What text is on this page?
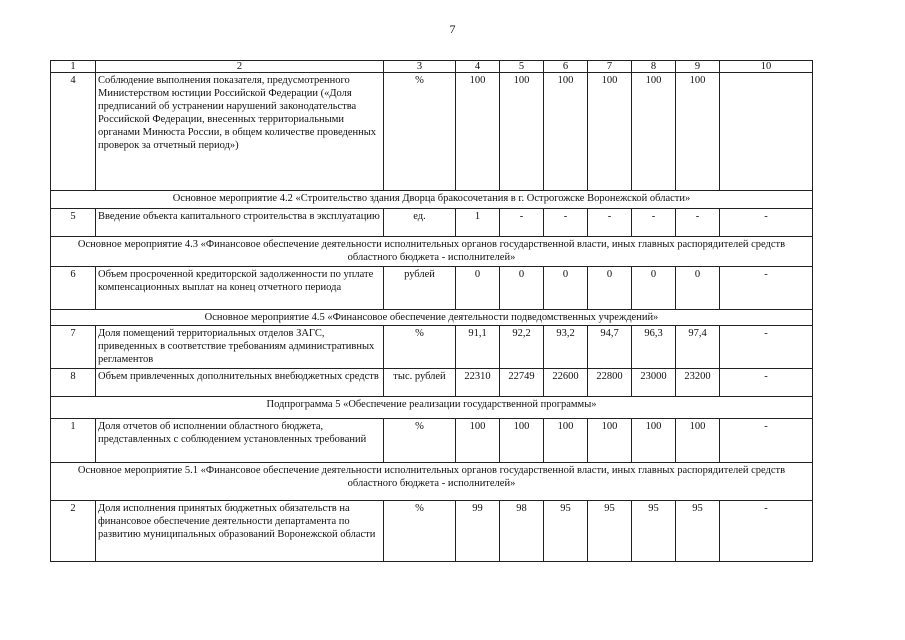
7
1	2	3	4	5	6	7	8	9	10
4	Соблюдение выполнения показателя, предусмотренного Министерством юстиции Российской Федерации («Доля предписаний об устранении нарушений законодательства Российской Федерации, внесенных территориальными органами Минюста России, в общем количестве проведенных проверок за отчетный период»)	%	100	100	100	100	100	100	
Основное мероприятие 4.2 «Строительство здания Дворца бракосочетания в г. Острогожске Воронежской области»									
5	Введение объекта капитального строительства в эксплуатацию	ед.	1	-	-	-	-	-	-
Основное мероприятие 4.3 «Финансовое обеспечение деятельности исполнительных органов государственной власти, иных главных распорядителей средств областного бюджета - исполнителей»									
6	Объем просроченной кредиторской задолженности по уплате компенсационных выплат на конец отчетного периода	рублей	0	0	0	0	0	0	-
Основное мероприятие 4.5 «Финансовое обеспечение деятельности подведомственных учреждений»									
7	Доля помещений территориальных отделов ЗАГС, приведенных в соответствие требованиям административных регламентов	%	91,1	92,2	93,2	94,7	96,3	97,4	-
8	Объем привлеченных дополнительных внебюджетных средств	тыс. рублей	22310	22749	22600	22800	23000	23200	-
Подпрограмма 5 «Обеспечение реализации государственной программы»									
1	Доля отчетов об исполнении областного бюджета, представленных с соблюдением установленных требований	%	100	100	100	100	100	100	-
Основное мероприятие 5.1 «Финансовое обеспечение деятельности исполнительных органов государственной власти, иных главных распорядителей средств областного бюджета - исполнителей»									
2	Доля исполнения принятых бюджетных обязательств на финансовое обеспечение деятельности департамента по развитию муниципальных образований Воронежской области	%	99	98	95	95	95	95	-
